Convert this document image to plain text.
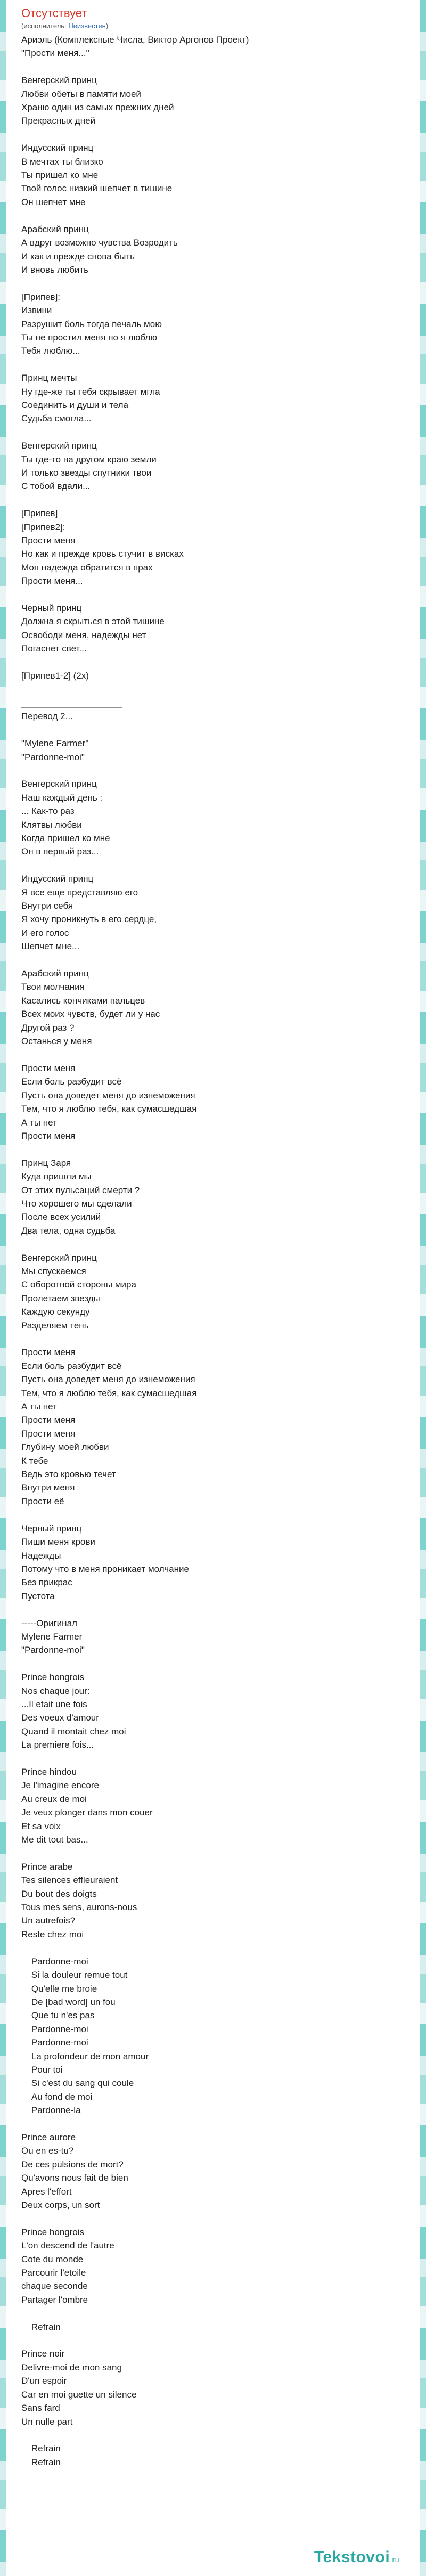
Отсутствует
(исполнитель: Неизвестен)
Ариэль (Комплексные Числа, Виктор Аргонов Проект)
"Прости меня..."

Венгерский принц
Любви обеты в памяти моей
Храню один из самых прежних дней
Прекрасных дней

Индусский принц
В мечтах ты близко
Ты пришел ко мне
Твой голос низкий шепчет в тишине
Он шепчет мне

Арабский принц
А вдруг возможно чувства Возродить
И как и прежде снова быть
И вновь любить

[Припев]:
Извини
Разрушит боль тогда печаль мою
Ты не простил меня но я люблю
Тебя люблю...

Принц мечты
Ну где-же ты тебя скрывает мгла
Соединить и души и тела
Судьба смогла...

Венгерский принц
Ты где-то на другом краю земли
И только звезды спутники твои
С тобой вдали...

[Припев]
[Припев2]:
Прости меня
Но как и прежде кровь стучит в висках
Моя надежда обратится в прах
Прости меня...

Черный принц
Должна я скрыться в этой тишине
Освободи меня, надежды нет
Погаснет свет...

[Припев1-2] (2x)

____________________
Перевод 2...

"Mylene Farmer"
"Pardonne-moi"

Венгерский принц
Наш каждый день :
... Как-то раз
Клятвы любви
Когда пришел ко мне
Он в первый раз...

Индусский принц
Я все еще представляю его
Внутри себя
Я хочу проникнуть в его сердце,
И его голос
Шепчет мне...

Арабский принц
Твои молчания
Касались кончиками пальцев
Всех моих чувств, будет ли у нас
Другой раз ?
Останься у меня

Прости меня
Если боль разбудит всё
Пусть она доведет меня до изнеможения
Тем, что я люблю тебя, как сумасшедшая
А ты нет
Прости меня

Принц Заря
Куда пришли мы
От этих пульсаций смерти ?
Что хорошего мы сделали
После всех усилий
Два тела, одна судьба

Венгерский принц
Мы спускаемся
С оборотной стороны мира
Пролетаем звезды
Каждую секунду
Разделяем тень

Прости меня
Если боль разбудит всё
Пусть она доведет меня до изнеможения
Тем, что я люблю тебя, как сумасшедшая
А ты нет
Прости меня
Прости меня
Глубину моей любви
К тебе
Ведь это кровью течет
Внутри меня
Прости её

Черный принц
Пиши меня крови
Надежды
Потому что в меня проникает молчание
Без прикрас
Пустота

-----Оригинал
Mylene Farmer
"Pardonne-moi"

Prince hongrois
Nos chaque jour:
...Il etait une fois
Des voeux d'amour
Quand il montait chez moi
La premiere fois...

Prince hindou
Je l'imagine encore
Au creux de moi
Je veux plonger dans mon couer
Et sa voix
Me dit tout bas...

Prince arabe
Tes silences effleuraient
Du bout des doigts
Tous mes sens, aurons-nous
Un autrefois?
Reste chez moi

Pardonne-moi
Si la douleur remue tout
Qu'elle me broie
De [bad word] un fou
Que tu n'es pas
Pardonne-moi
Pardonne-moi
La profondeur de mon amour
Pour toi
Si c'est du sang qui coule
Au fond de moi
Pardonne-la

Prince aurore
Ou en es-tu?
De ces pulsions de mort?
Qu'avons nous fait de bien
Apres l'effort
Deux corps, un sort

Prince hongrois
L'on descend de l'autre
Cote du monde
Parcourir l'etoile
chaque seconde
Partager l'ombre

Refrain

Prince noir
Delivre-moi de mon sang
D'un espoir
Car en moi guette un silence
Sans fard
Un nulle part

Refrain
Refrain
Tekstovoi.ru
